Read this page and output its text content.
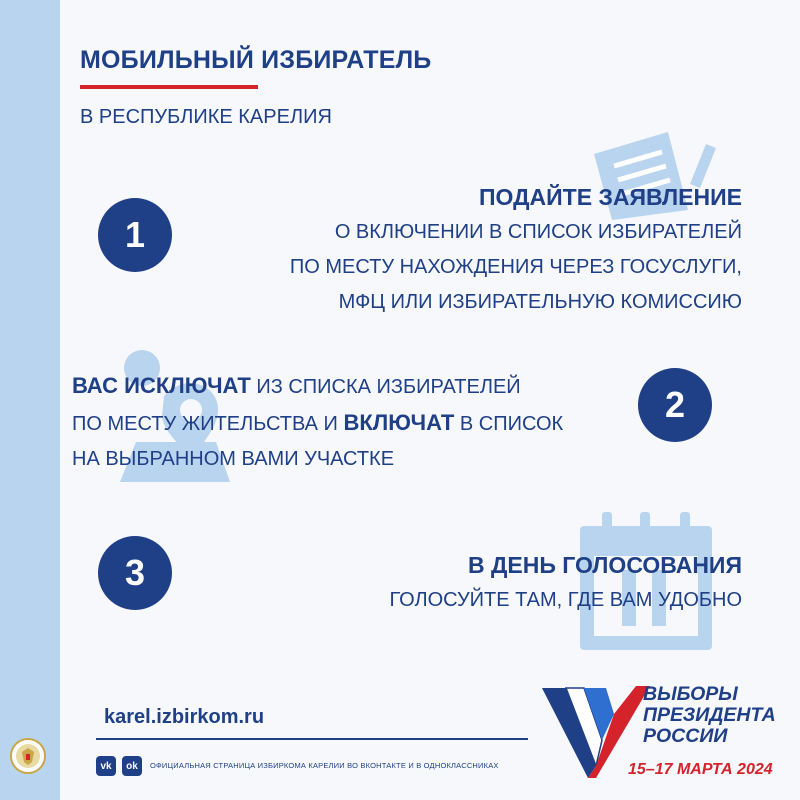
МОБИЛЬНЫЙ ИЗБИРАТЕЛЬ
В РЕСПУБЛИКЕ КАРЕЛИЯ
1
ПОДАЙТЕ ЗАЯВЛЕНИЕ
О ВКЛЮЧЕНИИ В СПИСОК ИЗБИРАТЕЛЕЙ
ПО МЕСТУ НАХОЖДЕНИЯ ЧЕРЕЗ ГОСУСЛУГИ,
МФЦ ИЛИ ИЗБИРАТЕЛЬНУЮ КОМИССИЮ
2
ВАС ИСКЛЮЧАТ ИЗ СПИСКА ИЗБИРАТЕЛЕЙ
ПО МЕСТУ ЖИТЕЛЬСТВА И ВКЛЮЧАТ В СПИСОК
НА ВЫБРАННОМ ВАМИ УЧАСТКЕ
3	В ДЕНЬ ГОЛОСОВАНИЯ
ГОЛОСУЙТЕ ТАМ, ГДЕ ВАМ УДОБНО
karel.izbirkom.ru
vk	ok	ОФИЦИАЛЬНАЯ СТРАНИЦА ИЗБИРКОМА КАРЕЛИИ ВО ВКОНТАКТЕ И В ОДНОКЛАССНИКАХ
ВЫБОРЫ
ПРЕЗИДЕНТА
РОССИИ
15–17 МАРТА 2024
